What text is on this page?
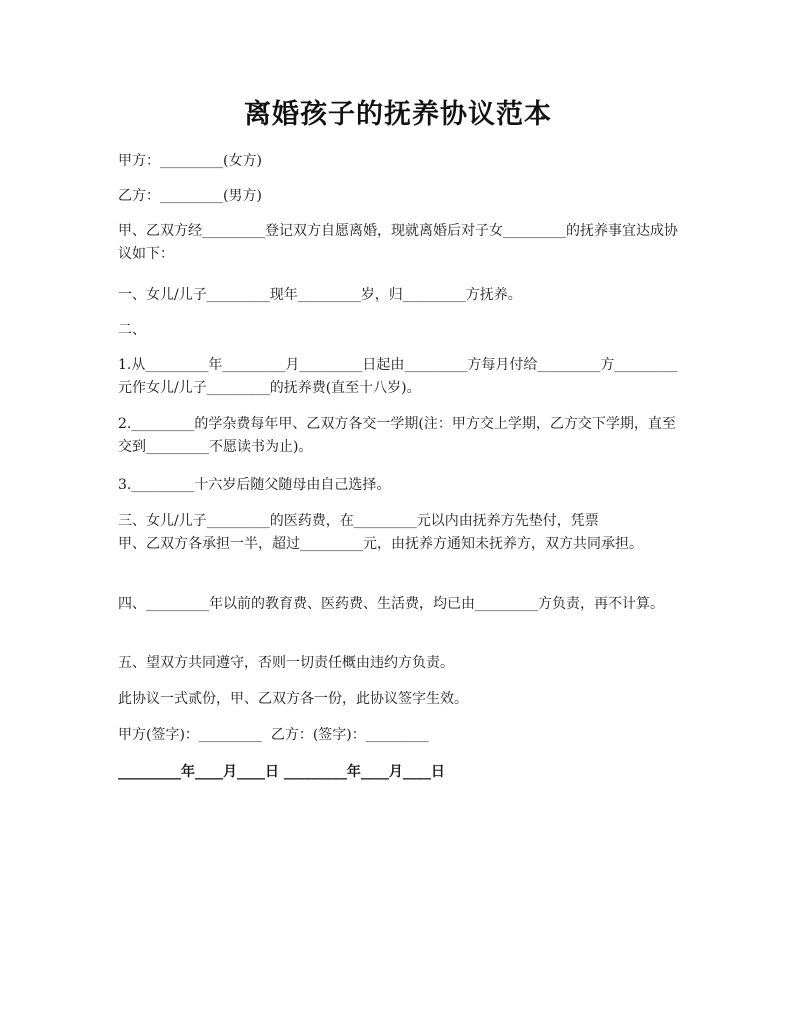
离婚孩子的抚养协议范本

甲方：_________(女方)

乙方：_________(男方)

甲、乙双方经_________登记双方自愿离婚，现就离婚后对子女_________的抚养事宜达成协议如下：

一、女儿/儿子_________现年_________岁，归_________方抚养。

二、

1.从_________年_________月_________日起由_________方每月付给_________方_________元作女儿/儿子_________的抚养费(直至十八岁)。

2._________的学杂费每年甲、乙双方各交一学期(注：甲方交上学期，乙方交下学期，直至交到_________不愿读书为止)。

3._________十六岁后随父随母由自己选择。

三、女儿/儿子_________的医药费，在_________元以内由抚养方先垫付，凭票
甲、乙双方各承担一半，超过_________元，由抚养方通知未抚养方，双方共同承担。

四、_________年以前的教育费、医药费、生活费，均已由_________方负责，再不计算。

五、望双方共同遵守，否则一切责任概由违约方负责。

此协议一式贰份，甲、乙双方各一份，此协议签字生效。

甲方(签字)：_________  乙方：(签字)：_________

_________年____月____日 _________年____月____日
